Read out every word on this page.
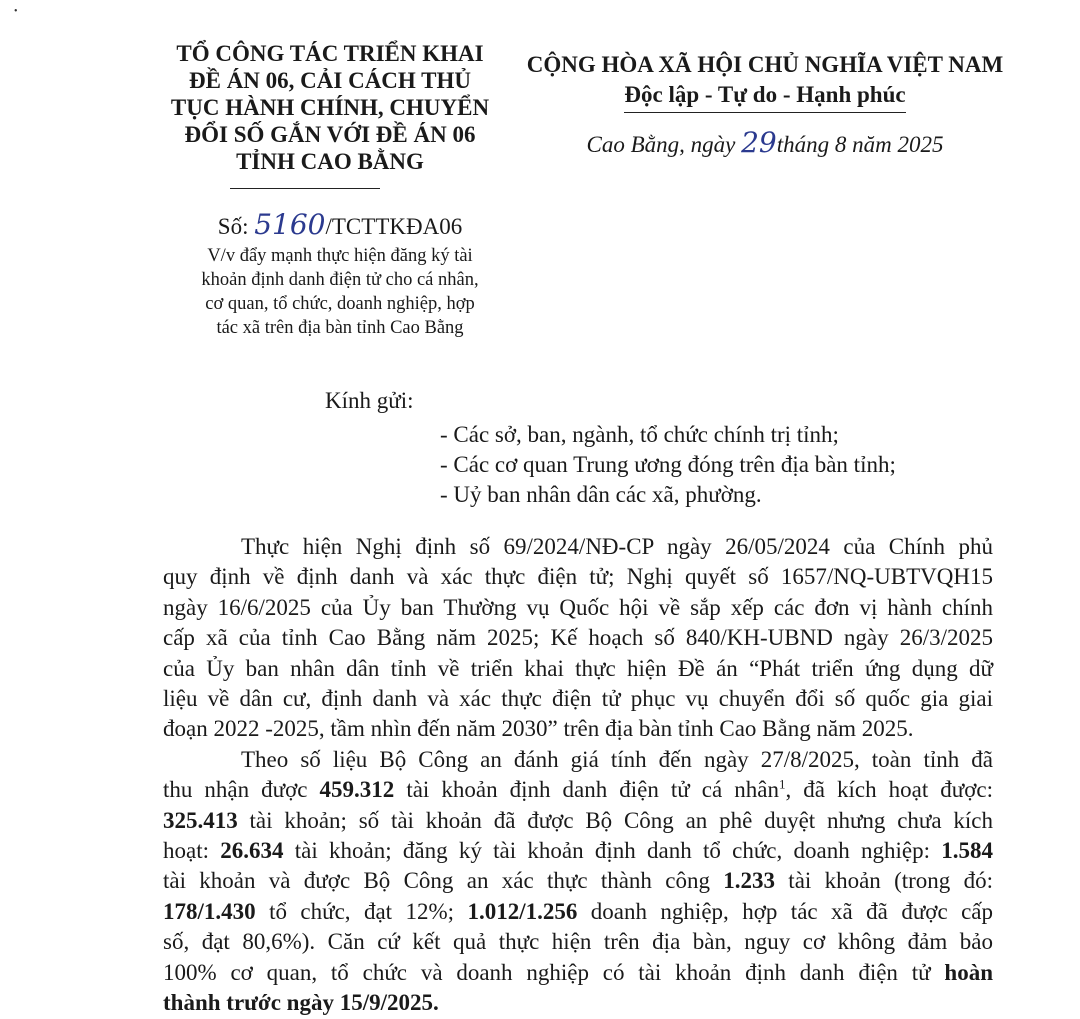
•
TỔ CÔNG TÁC TRIỂN KHAI
ĐỀ ÁN 06, CẢI CÁCH THỦ
TỤC HÀNH CHÍNH, CHUYỂN
ĐỔI SỐ GẮN VỚI ĐỀ ÁN 06
TỈNH CAO BẰNG
CỘNG HÒA XÃ HỘI CHỦ NGHĨA VIỆT NAM
Độc lập - Tự do - Hạnh phúc
Cao Bằng, ngày 29tháng 8 năm 2025
Số: 5160/TCTTKĐA06
V/v đẩy mạnh thực hiện đăng ký tài
khoản định danh điện tử cho cá nhân,
cơ quan, tổ chức, doanh nghiệp, hợp
tác xã trên địa bàn tỉnh Cao Bằng
Kính gửi:
- Các sở, ban, ngành, tổ chức chính trị tỉnh;
- Các cơ quan Trung ương đóng trên địa bàn tỉnh;
- Uỷ ban nhân dân các xã, phường.
Thực hiện Nghị định số 69/2024/NĐ-CP ngày 26/05/2024 của Chính phủ
quy định về định danh và xác thực điện tử; Nghị quyết số 1657/NQ-UBTVQH15
ngày 16/6/2025 của Ủy ban Thường vụ Quốc hội về sắp xếp các đơn vị hành chính
cấp xã của tỉnh Cao Bằng năm 2025; Kế hoạch số 840/KH-UBND ngày 26/3/2025
của Ủy ban nhân dân tỉnh về triển khai thực hiện Đề án “Phát triển ứng dụng dữ
liệu về dân cư, định danh và xác thực điện tử phục vụ chuyển đổi số quốc gia giai
đoạn 2022 -2025, tầm nhìn đến năm 2030” trên địa bàn tỉnh Cao Bằng năm 2025.
Theo số liệu Bộ Công an đánh giá tính đến ngày 27/8/2025, toàn tỉnh đã
thu nhận được 459.312 tài khoản định danh điện tử cá nhân$^1$, đã kích hoạt được:
325.413 tài khoản; số tài khoản đã được Bộ Công an phê duyệt nhưng chưa kích
hoạt: 26.634 tài khoản; đăng ký tài khoản định danh tổ chức, doanh nghiệp: 1.584
tài khoản và được Bộ Công an xác thực thành công 1.233 tài khoản (trong đó:
178/1.430 tổ chức, đạt 12%; 1.012/1.256 doanh nghiệp, hợp tác xã đã được cấp
số, đạt 80,6%). Căn cứ kết quả thực hiện trên địa bàn, nguy cơ không đảm bảo
100% cơ quan, tổ chức và doanh nghiệp có tài khoản định danh điện tử hoàn
thành trước ngày 15/9/2025.
